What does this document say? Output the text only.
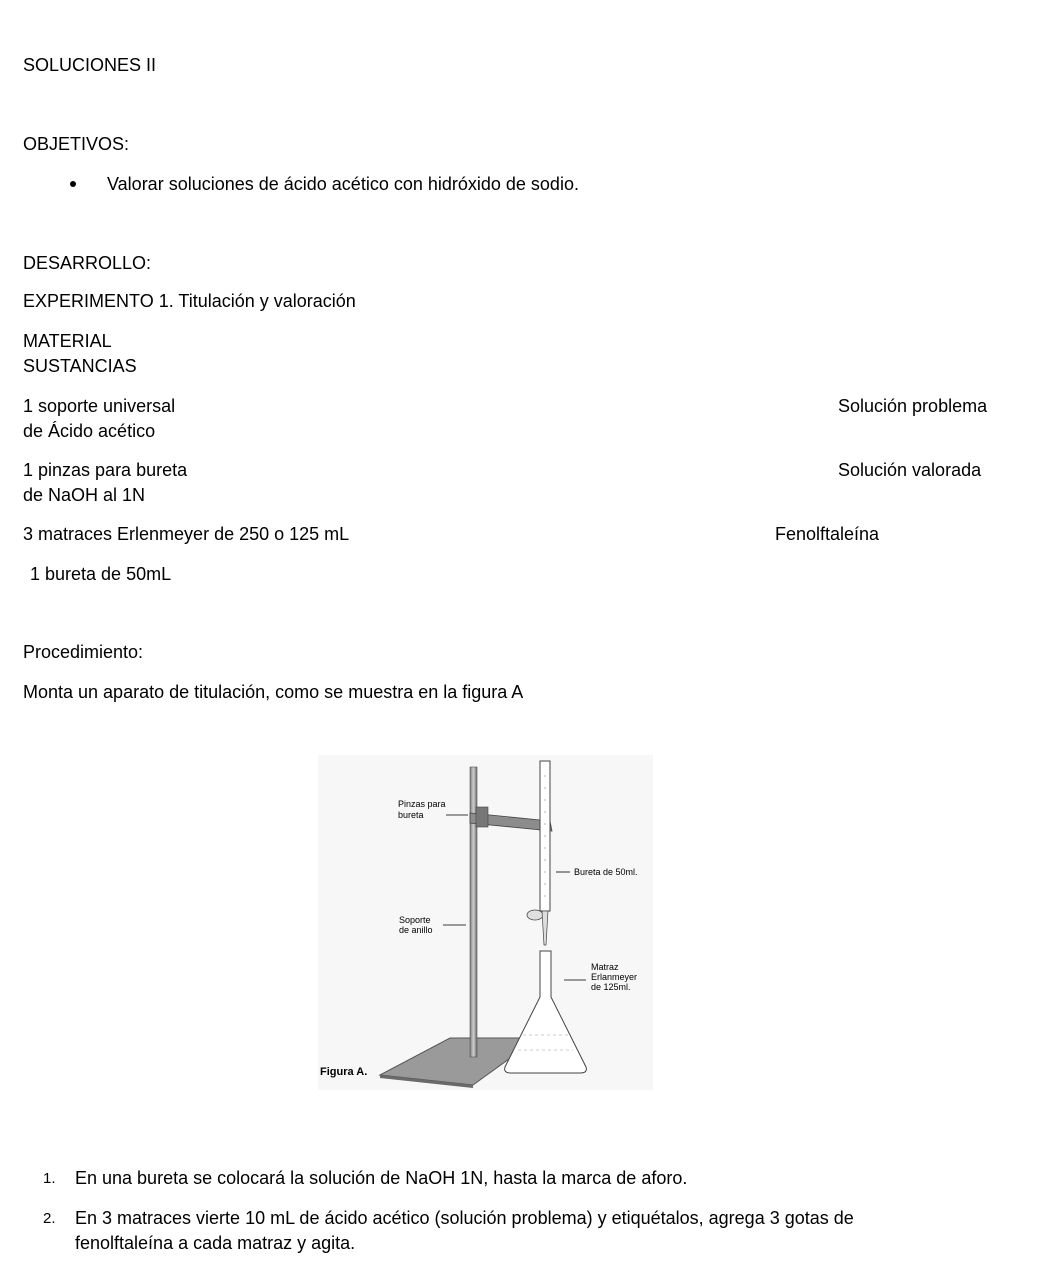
SOLUCIONES II
OBJETIVOS:
Valorar soluciones de ácido acético con hidróxido de sodio.
DESARROLLO:
EXPERIMENTO 1. Titulación y valoración
MATERIAL
SUSTANCIAS
1 soporte universal	Solución problema
de Ácido acético
1 pinzas para bureta	Solución valorada
de NaOH al 1N
3 matraces Erlenmeyer de 250 o 125 mL	Fenolftaleína
1 bureta de 50mL
Procedimiento:
Monta un aparato de titulación, como se muestra en la figura A
Pinzas para
bureta
Soporte
de anillo
Bureta de 50ml.
Matraz
Erlanmeyer
de 125ml.
Figura A.
1. En una bureta se colocará la solución de NaOH 1N, hasta la marca de aforo.
2. En 3 matraces vierte 10 mL de ácido acético (solución problema) y etiquétalos, agrega 3 gotas de
fenolftaleína a cada matraz y agita.
